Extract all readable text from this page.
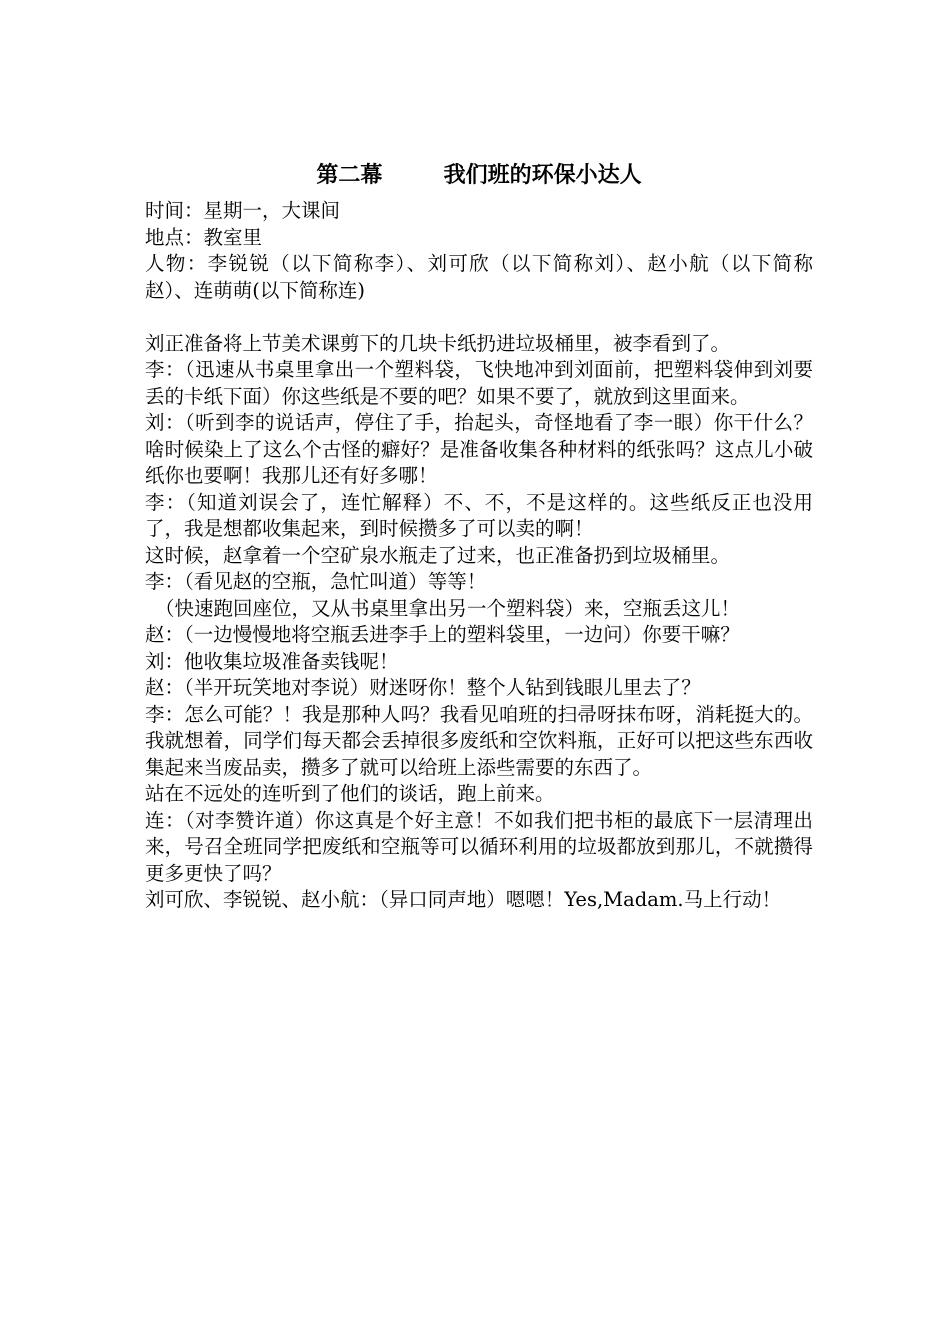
第二幕        我们班的环保小达人
时间：星期一，大课间
地点：教室里
人物：李锐锐（以下简称李）、刘可欣（以下简称刘）、赵小航（以下简称赵）、连萌萌(以下简称连)
刘正准备将上节美术课剪下的几块卡纸扔进垃圾桶里，被李看到了。
李：（迅速从书桌里拿出一个塑料袋，飞快地冲到刘面前，把塑料袋伸到刘要丢的卡纸下面）你这些纸是不要的吧？如果不要了，就放到这里面来。
刘：（听到李的说话声，停住了手，抬起头，奇怪地看了李一眼）你干什么？啥时候染上了这么个古怪的癖好？是准备收集各种材料的纸张吗？这点儿小破纸你也要啊！我那儿还有好多哪！
李：（知道刘误会了，连忙解释）不、不，不是这样的。这些纸反正也没用了，我是想都收集起来，到时候攒多了可以卖的啊！
这时候，赵拿着一个空矿泉水瓶走了过来，也正准备扔到垃圾桶里。
李：（看见赵的空瓶，急忙叫道）等等！
（快速跑回座位，又从书桌里拿出另一个塑料袋）来，空瓶丢这儿！
赵：（一边慢慢地将空瓶丢进李手上的塑料袋里，一边问）你要干嘛？
刘：他收集垃圾准备卖钱呢！
赵：（半开玩笑地对李说）财迷呀你！整个人钻到钱眼儿里去了？
李：怎么可能？！我是那种人吗？我看见咱班的扫帚呀抹布呀，消耗挺大的。我就想着，同学们每天都会丢掉很多废纸和空饮料瓶，正好可以把这些东西收集起来当废品卖，攒多了就可以给班上添些需要的东西了。
站在不远处的连听到了他们的谈话，跑上前来。
连：（对李赞许道）你这真是个好主意！不如我们把书柜的最底下一层清理出来，号召全班同学把废纸和空瓶等可以循环利用的垃圾都放到那儿，不就攒得更多更快了吗？
刘可欣、李锐锐、赵小航：（异口同声地）嗯嗯！Yes,Madam.马上行动！
